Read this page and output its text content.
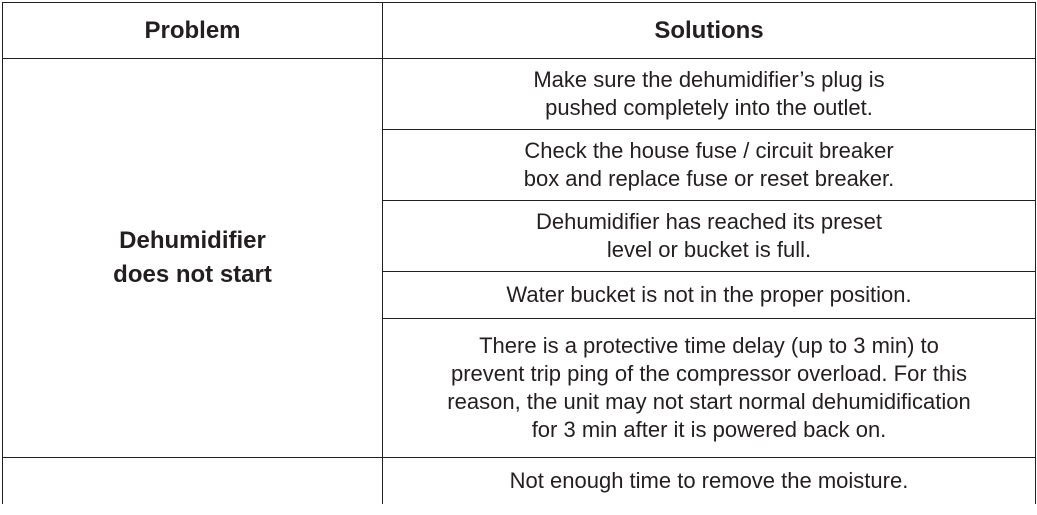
Problem	Solutions

Dehumidifier
does not start	Make sure the dehumidifier’s plug is
pushed completely into the outlet.

	Check the house fuse / circuit breaker
box and replace fuse or reset breaker.

	Dehumidifier has reached its preset
level or bucket is full.

	Water bucket is not in the proper position.

	There is a protective time delay (up to 3 min) to
prevent trip ping of the compressor overload. For this
reason, the unit may not start normal dehumidification
for 3 min after it is powered back on.

	Not enough time to remove the moisture.
